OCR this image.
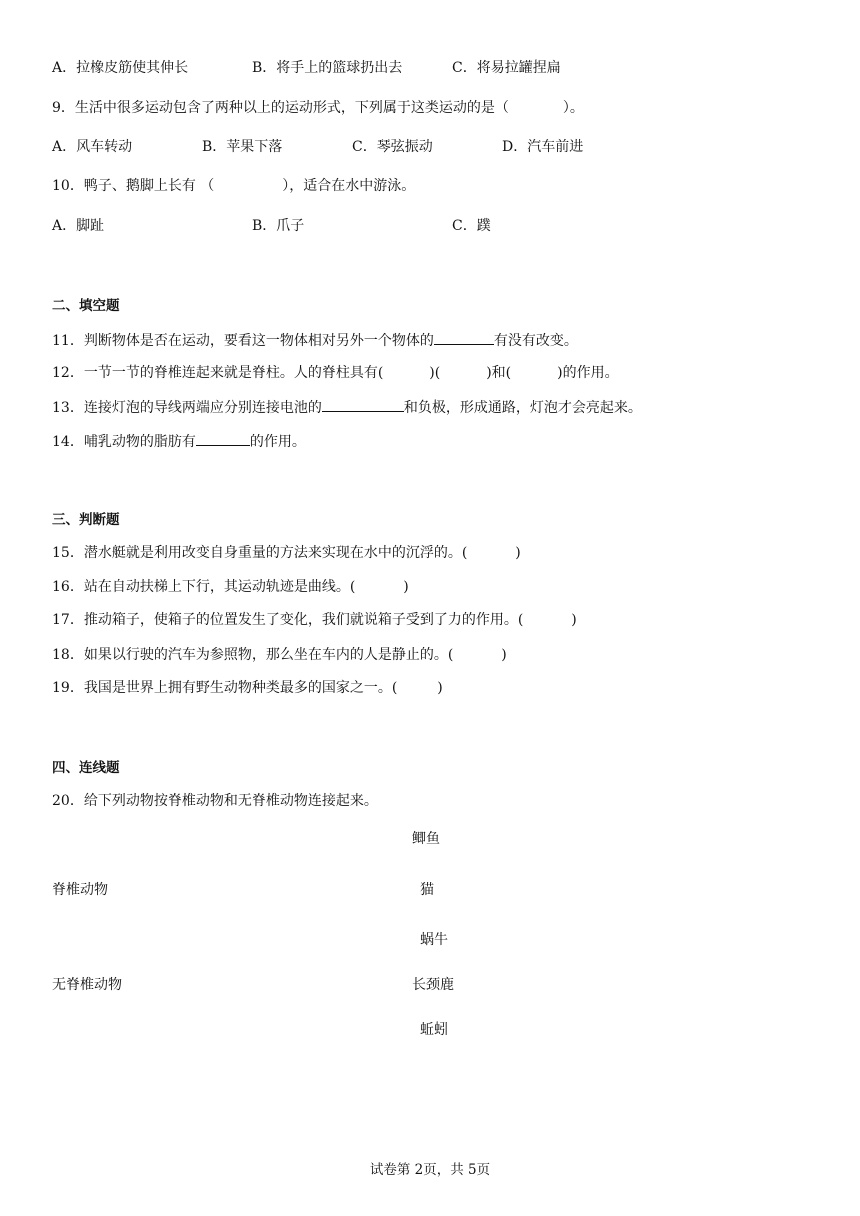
A．拉橡皮筋使其伸长	B．将手上的篮球扔出去	C．将易拉罐捏扁
9．生活中很多运动包含了两种以上的运动形式，下列属于这类运动的是（	）。
A．风车转动	B．苹果下落	C．琴弦振动	D．汽车前进
10．鸭子、鹅脚上长有 （	），适合在水中游泳。
A．脚趾	B．爪子	C．蹼
二、填空题
11．判断物体是否在运动，要看这一物体相对另外一个物体的	有没有改变。
12．一节一节的脊椎连起来就是脊柱。人的脊柱具有(	)(	)和(	)的作用。
13．连接灯泡的导线两端应分别连接电池的	和负极，形成通路，灯泡才会亮起来。
14．哺乳动物的脂肪有	的作用。
三、判断题
15．潜水艇就是利用改变自身重量的方法来实现在水中的沉浮的。(	)
16．站在自动扶梯上下行，其运动轨迹是曲线。(	)
17．推动箱子，使箱子的位置发生了变化，我们就说箱子受到了力的作用。(	)
18．如果以行驶的汽车为参照物，那么坐在车内的人是静止的。(	)
19．我国是世界上拥有野生动物种类最多的国家之一。(	)
四、连线题
20．给下列动物按脊椎动物和无脊椎动物连接起来。
脊椎动物
无脊椎动物
鲫鱼
猫
蜗牛
长颈鹿
蚯蚓
试卷第 2页，共 5页
